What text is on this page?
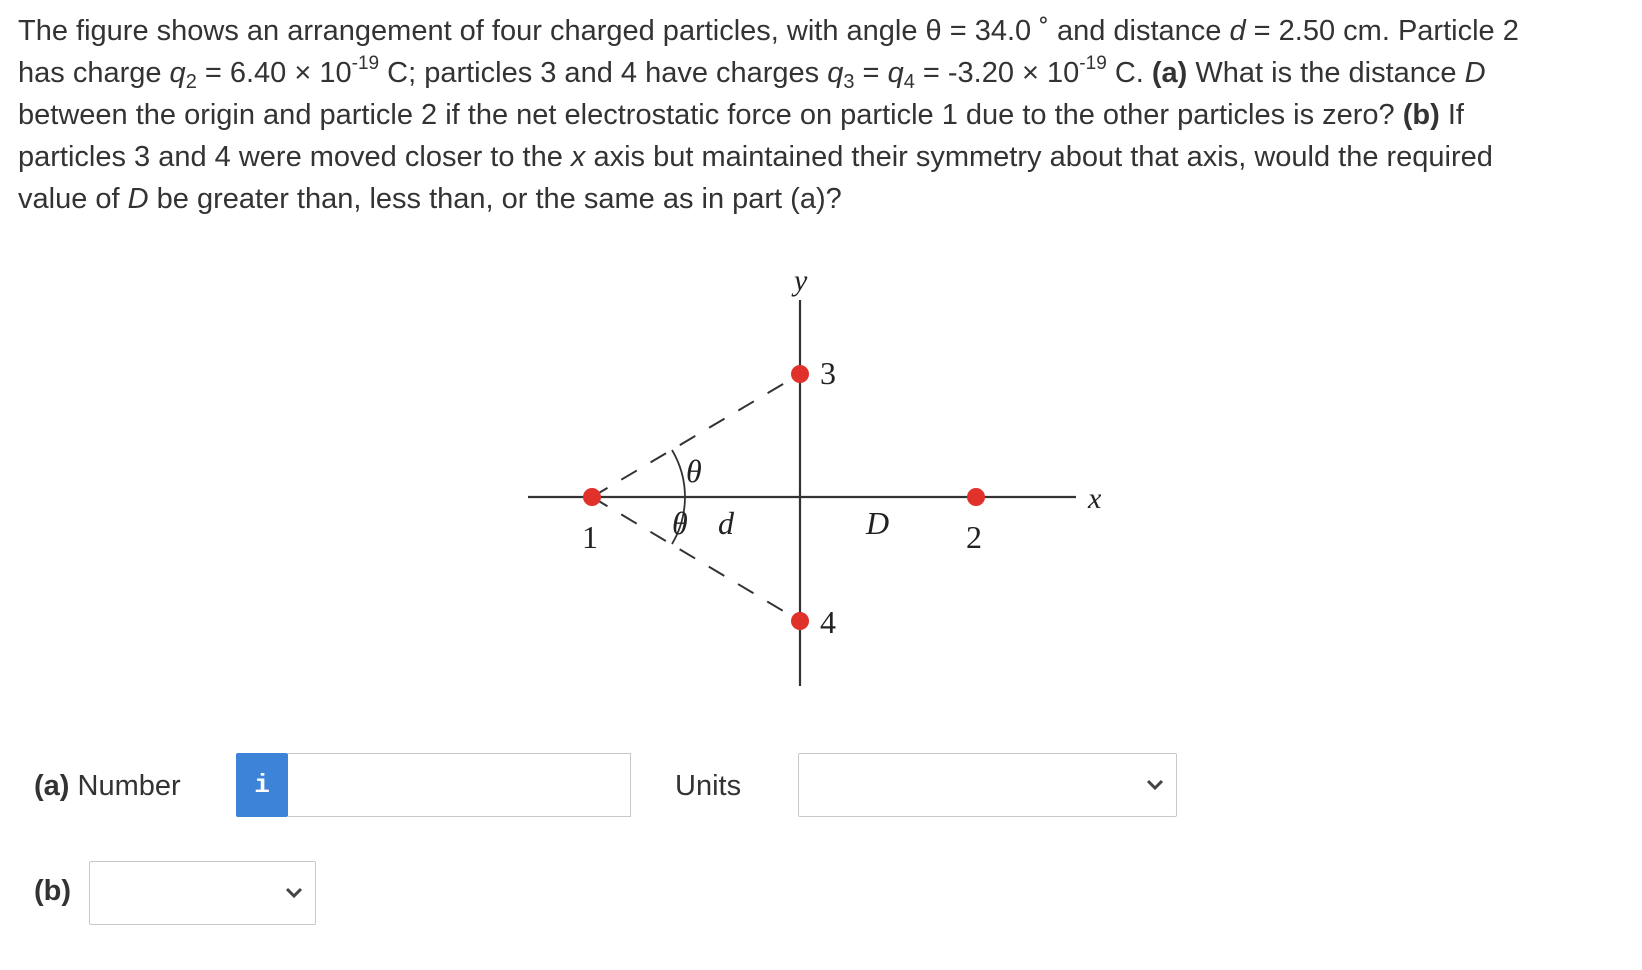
The figure shows an arrangement of four charged particles, with angle θ = 34.0 ˚ and distance d = 2.50 cm. Particle 2
has charge $q_2 = 6.40 \times 10^{-19}$ C; particles 3 and 4 have charges $q_3 = q_4 = -3.20 \times 10^{-19}$ C. (a) What is the distance D
between the origin and particle 2 if the net electrostatic force on particle 1 due to the other particles is zero? (b) If
particles 3 and 4 were moved closer to the x axis but maintained their symmetry about that axis, would the required
value of D be greater than, less than, or the same as in part (a)?
y
x
3
4
1	2
θ
θ d	D
(a) Number	i	Units
(b)
